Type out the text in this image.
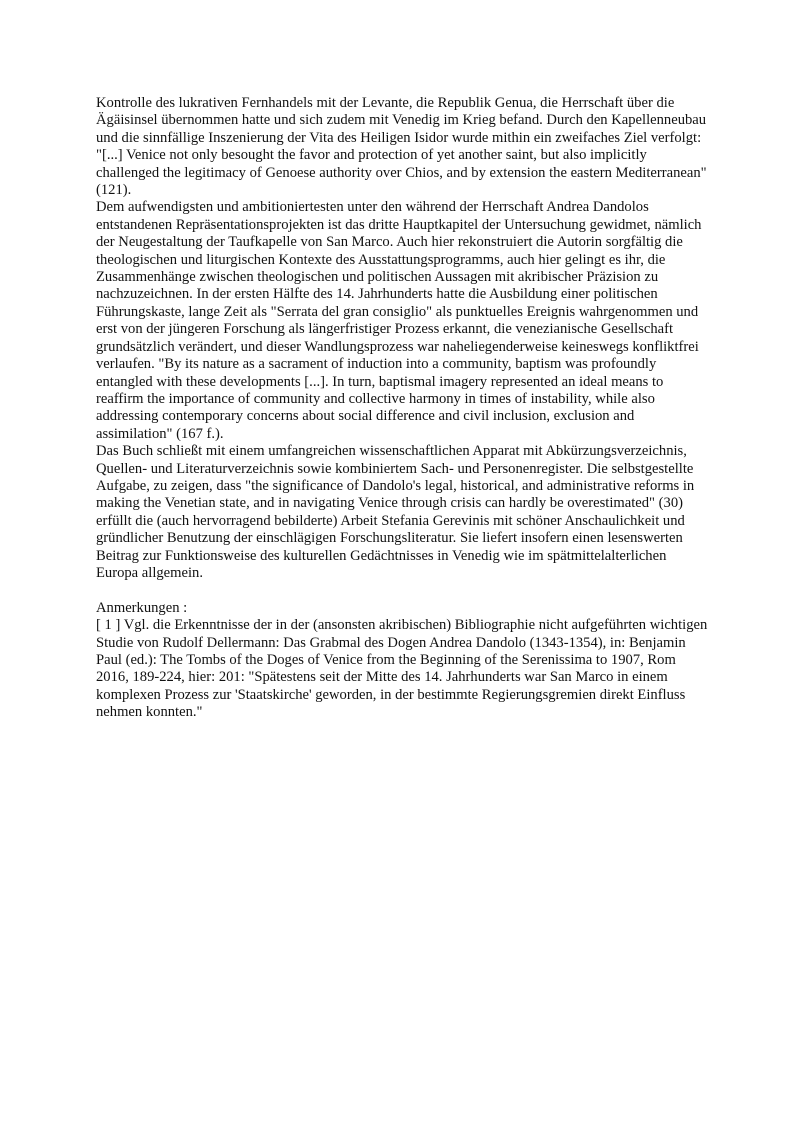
Kontrolle des lukrativen Fernhandels mit der Levante, die Republik Genua, die Herrschaft über die Ägäisinsel übernommen hatte und sich zudem mit Venedig im Krieg befand. Durch den Kapellenneubau und die sinnfällige Inszenierung der Vita des Heiligen Isidor wurde mithin ein zweifaches Ziel verfolgt: "[...] Venice not only besought the favor and protection of yet another saint, but also implicitly challenged the legitimacy of Genoese authority over Chios, and by extension the eastern Mediterranean" (121).

Dem aufwendigsten und ambitioniertesten unter den während der Herrschaft Andrea Dandolos entstandenen Repräsentationsprojekten ist das dritte Hauptkapitel der Untersuchung gewidmet, nämlich der Neugestaltung der Taufkapelle von San Marco. Auch hier rekonstruiert die Autorin sorgfältig die theologischen und liturgischen Kontexte des Ausstattungsprogramms, auch hier gelingt es ihr, die Zusammenhänge zwischen theologischen und politischen Aussagen mit akribischer Präzision zu nachzuzeichnen. In der ersten Hälfte des 14. Jahrhunderts hatte die Ausbildung einer politischen Führungskaste, lange Zeit als "Serrata del gran consiglio" als punktuelles Ereignis wahrgenommen und erst von der jüngeren Forschung als längerfristiger Prozess erkannt, die venezianische Gesellschaft grundsätzlich verändert, und dieser Wandlungsprozess war naheliegenderweise keineswegs konfliktfrei verlaufen. "By its nature as a sacrament of induction into a community, baptism was profoundly entangled with these developments [...]. In turn, baptismal imagery represented an ideal means to reaffirm the importance of community and collective harmony in times of instability, while also addressing contemporary concerns about social difference and civil inclusion, exclusion and assimilation" (167 f.).

Das Buch schließt mit einem umfangreichen wissenschaftlichen Apparat mit Abkürzungsverzeichnis, Quellen- und Literaturverzeichnis sowie kombiniertem Sach- und Personenregister. Die selbstgestellte Aufgabe, zu zeigen, dass "the significance of Dandolo's legal, historical, and administrative reforms in making the Venetian state, and in navigating Venice through crisis can hardly be overestimated" (30) erfüllt die (auch hervorragend bebilderte) Arbeit Stefania Gerevinis mit schöner Anschaulichkeit und gründlicher Benutzung der einschlägigen Forschungsliteratur. Sie liefert insofern einen lesenswerten Beitrag zur Funktionsweise des kulturellen Gedächtnisses in Venedig wie im spätmittelalterlichen Europa allgemein.

Anmerkungen :

[ 1 ] Vgl. die Erkenntnisse der in der (ansonsten akribischen) Bibliographie nicht aufgeführten wichtigen Studie von Rudolf Dellermann: Das Grabmal des Dogen Andrea Dandolo (1343-1354), in: Benjamin Paul (ed.): The Tombs of the Doges of Venice from the Beginning of the Serenissima to 1907, Rom 2016, 189-224, hier: 201: "Spätestens seit der Mitte des 14. Jahrhunderts war San Marco in einem komplexen Prozess zur 'Staatskirche' geworden, in der bestimmte Regierungsgremien direkt Einfluss nehmen konnten."
